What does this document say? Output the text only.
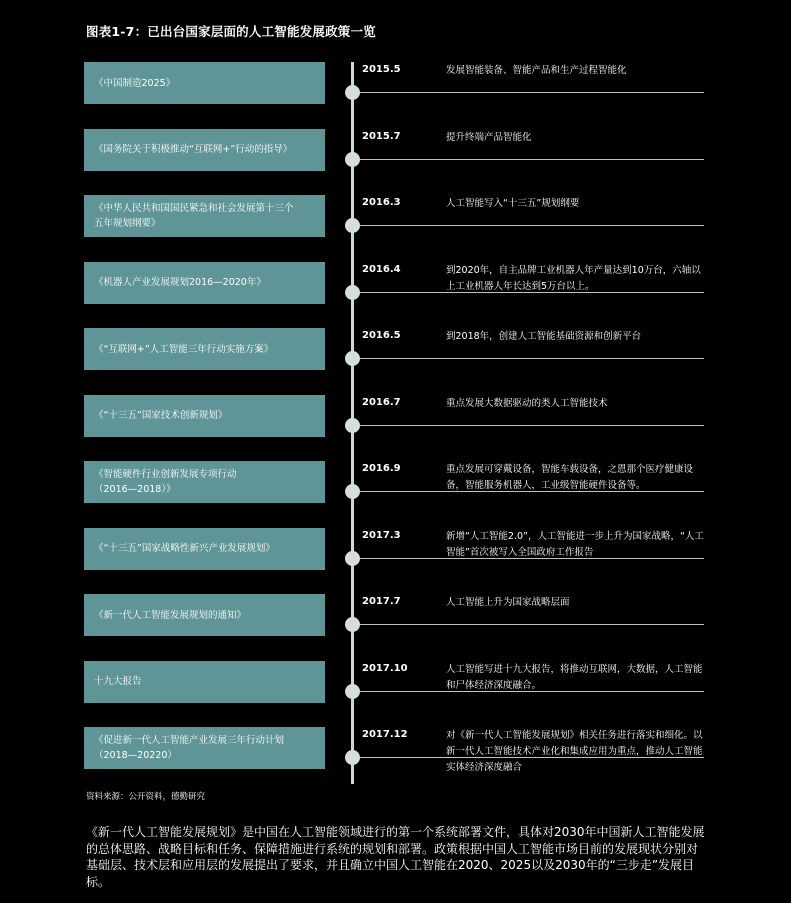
图表1-7：已出台国家层面的人工智能发展政策一览
《中国制造2025》
2015.5	发展智能装备、智能产品和生产过程智能化
《国务院关于积极推动“互联网+”行动的指导》
2015.7	提升终端产品智能化
《中华人民共和国国民紧急和社会发展第十三个
五年规划纲要》
2016.3	人工智能写入“十三五”规划纲要
《机器人产业发展规划2016—2020年》
2016.4	到2020年，自主品牌工业机器人年产量达到10万台，六轴以上工业机器人年长达到5万台以上。
《“互联网+”人工智能三年行动实施方案》
2016.5	到2018年，创建人工智能基础资源和创新平台
《“十三五”国家技术创新规划》
2016.7	重点发展大数据驱动的类人工智能技术
《智能硬件行业创新发展专项行动
（2016—2018）》
2016.9	重点发展可穿戴设备，智能车载设备，之恩那个医疗健康设备，智能服务机器人，工业级智能硬件设备等。
《“十三五”国家战略性新兴产业发展规划》
2017.3	新增“人工智能2.0”，人工智能进一步上升为国家战略，“人工智能”首次被写入全国政府工作报告
《新一代人工智能发展规划的通知》
2017.7	人工智能上升为国家战略层面
十九大报告
2017.10	人工智能写进十九大报告，将推动互联网，大数据，人工智能和尸体经济深度融合。
《促进新一代人工智能产业发展三年行动计划
（2018—20220）
2017.12	对《新一代人工智能发展规划》相关任务进行落实和细化。以新一代人工智能技术产业化和集成应用为重点，推动人工智能实体经济深度融合
资料来源：公开资料，德勤研究
《新一代人工智能发展规划》是中国在人工智能领域进行的第一个系统部署文件，具体对2030年中国新人工智能发展的总体思路、战略目标和任务、保障措施进行系统的规划和部署。政策根据中国人工智能市场目前的发展现状分别对基础层、技术层和应用层的发展提出了要求，并且确立中国人工智能在2020、2025以及2030年的“三步走”发展目标。
